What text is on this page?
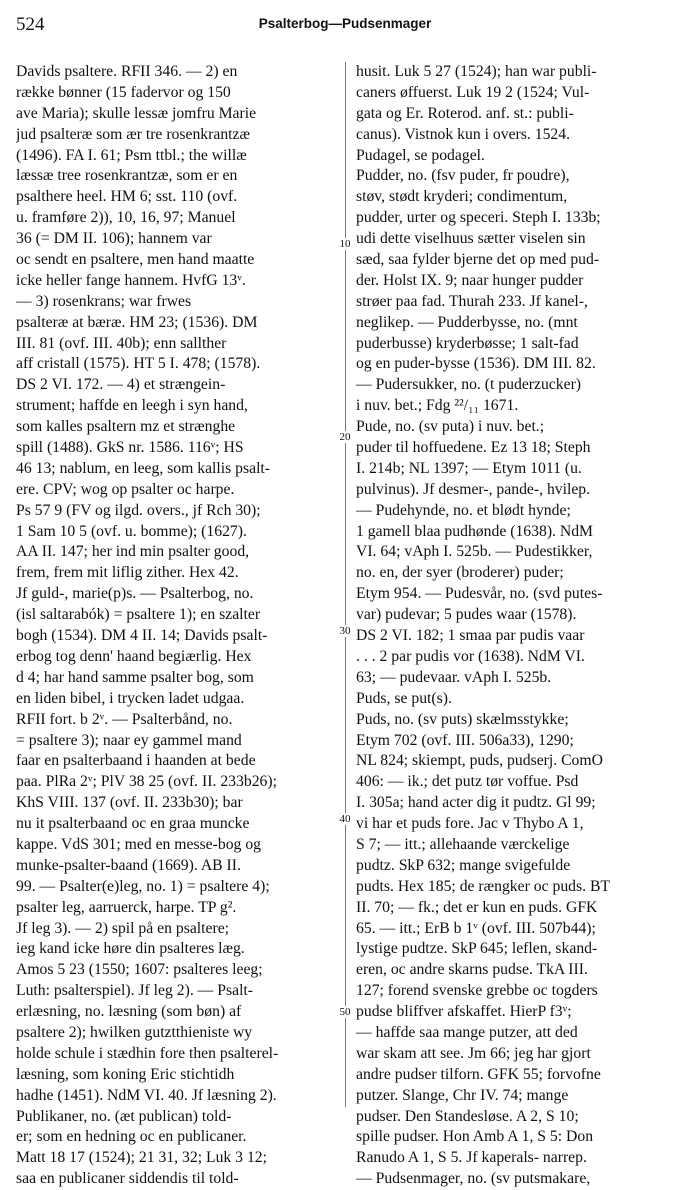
524	Psalterbog—Pudsenmager
Davids psaltere. RFII 346. — 2) en
række bønner (15 fadervor og 150
ave Maria); skulle lessæ jomfru Marie
jud psalteræ som ær tre rosenkrantzæ
(1496). FA I. 61; Psm ttbl.; the willæ
læssæ tree rosenkrantzæ, som er en
psalthere heel. HM 6; sst. 110 (ovf.
u. framføre 2)), 10, 16, 97; Manuel
36 (= DM II. 106); hannem var
oc sendt en psaltere, men hand maatte
icke heller fange hannem. HvfG 13ᵛ.
— 3) rosenkrans; war frwes
psalteræ at bæræ. HM 23; (1536). DM
III. 81 (ovf. III. 40b); enn sallther
aff cristall (1575). HT 5 I. 478; (1578).
DS 2 VI. 172. — 4) et strængein-
strument; haffde en leegh i syn hand,
som kalles psaltern mz et strænghe
spill (1488). GkS nr. 1586. 116ᵛ; HS
46 13; nablum, en leeg, som kallis psalt-
ere. CPV; wog op psalter oc harpe.
Ps 57 9 (FV og ilgd. overs., jf Rch 30);
1 Sam 10 5 (ovf. u. bomme); (1627).
AA II. 147; her ind min psalter good,
frem, frem mit liflig zither. Hex 42.
Jf guld-, marie(p)s. — Psalterbog, no.
(isl saltarabók) = psaltere 1); en szalter
bogh (1534). DM 4 II. 14; Davids psalt-
erbog tog denn' haand begiærlig. Hex
d 4; har hand samme psalter bog, som
en liden bibel, i trycken ladet udgaa.
RFII fort. b 2ᵛ. — Psalterbånd, no.
= psaltere 3); naar ey gammel mand
faar en psalterbaand i haanden at bede
paa. PlRa 2ᵛ; PlV 38 25 (ovf. II. 233b26);
KhS VIII. 137 (ovf. II. 233b30); bar
nu it psalterbaand oc en graa muncke
kappe. VdS 301; med en messe-bog og
munke-psalter-baand (1669). AB II.
99. — Psalter(e)leg, no. 1) = psaltere 4);
psalter leg, aarruerck, harpe. TP g².
Jf leg 3). — 2) spil på en psaltere;
ieg kand icke høre din psalteres læg.
Amos 5 23 (1550; 1607: psalteres leeg;
Luth: psalterspiel). Jf leg 2). — Psalt-
erlæsning, no. læsning (som bøn) af
psaltere 2); hwilken gutztthieniste wy
holde schule i stædhin fore then psalterel-
læsning, som koning Eric stichtidh
hadhe (1451). NdM VI. 40. Jf læsning 2).
Publikaner, no. (æt publican) told-
er; som en hedning oc en publicaner.
Matt 18 17 (1524); 21 31, 32; Luk 3 12;
saa en publicaner siddendis til told-
10
20
30
40
50
husit. Luk 5 27 (1524); han war publi-
caners øffuerst. Luk 19 2 (1524; Vul-
gata og Er. Roterod. anf. st.: publi-
canus). Vistnok kun i overs. 1524.
Pudagel, se podagel.
Pudder, no. (fsv puder, fr poudre),
støv, stødt kryderi; condimentum,
pudder, urter og speceri. Steph I. 133b;
udi dette viselhuus sætter viselen sin
sæd, saa fylder bjerne det op med pud-
der. Holst IX. 9; naar hunger pudder
strøer paa fad. Thurah 233. Jf kanel-,
neglikep. — Pudderbysse, no. (mnt
puderbusse) kryderbøsse; 1 salt-fad
og en puder-bysse (1536). DM III. 82.
— Pudersukker, no. (t puderzucker)
i nuv. bet.; Fdg ²²/₁₁ 1671.
Pude, no. (sv puta) i nuv. bet.;
puder til hoffuedene. Ez 13 18; Steph
I. 214b; NL 1397; — Etym 1011 (u.
pulvinus). Jf desmer-, pande-, hvilep.
— Pudehynde, no. et blødt hynde;
1 gamell blaa pudhønde (1638). NdM
VI. 64; vAph I. 525b. — Pudestikker,
no. en, der syer (broderer) puder;
Etym 954. — Pudesvår, no. (svd putes-
var) pudevar; 5 pudes waar (1578).
DS 2 VI. 182; 1 smaa par pudis vaar
. . . 2 par pudis vor (1638). NdM VI.
63; — pudevaar. vAph I. 525b.
Puds, se put(s).
Puds, no. (sv puts) skælmsstykke;
Etym 702 (ovf. III. 506a33), 1290;
NL 824; skiempt, puds, pudserj. ComO
406: — ik.; det putz tør voffue. Psd
I. 305a; hand acter dig it pudtz. Gl 99;
vi har et puds fore. Jac v Thybo A 1,
S 7; — itt.; allehaande værckelige
pudtz. SkP 632; mange svigefulde
pudts. Hex 185; de rængker oc puds. BT
II. 70; — fk.; det er kun en puds. GFK
65. — itt.; ErB b 1ᵛ (ovf. III. 507b44);
lystige pudtze. SkP 645; leflen, skand-
eren, oc andre skarns pudse. TkA III.
127; forend svenske grebbe oc togders
pudse bliffver afskaffet. HierP f3ᵛ;
— haffde saa mange putzer, att ded
war skam att see. Jm 66; jeg har gjort
andre pudser tilforn. GFK 55; forvofne
putzer. Slange, Chr IV. 74; mange
pudser. Den Standesløse. A 2, S 10;
spille pudser. Hon Amb A 1, S 5: Don
Ranudo A 1, S 5. Jf kaperals- narrep.
— Pudsenmager, no. (sv putsmakare,
